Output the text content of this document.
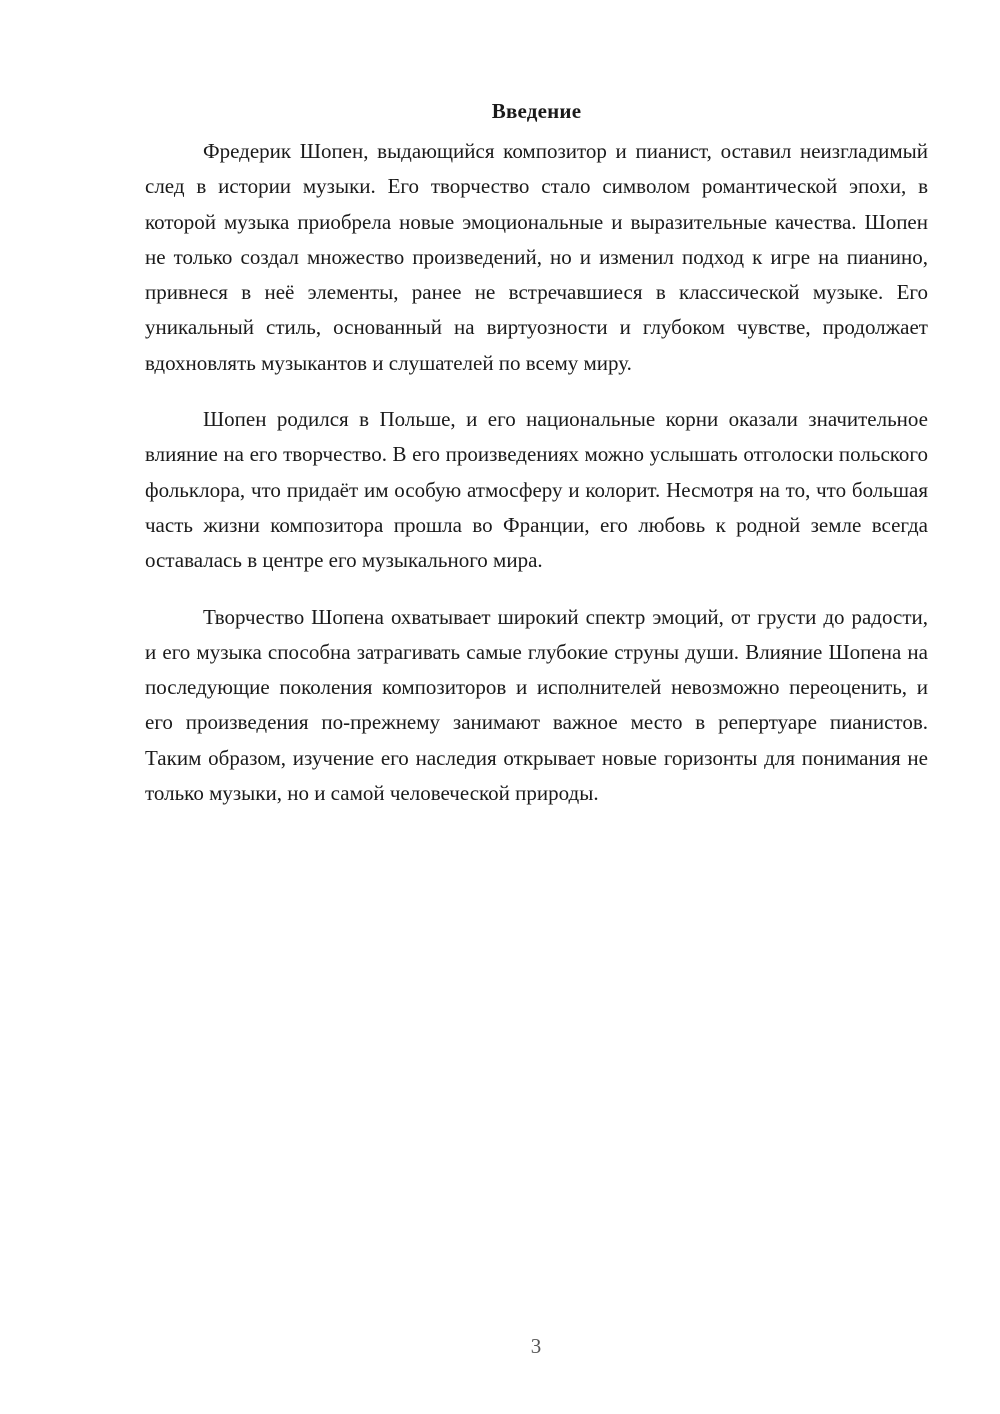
Введение

Фредерик Шопен, выдающийся композитор и пианист, оставил неизгладимый след в истории музыки. Его творчество стало символом романтической эпохи, в которой музыка приобрела новые эмоциональные и выразительные качества. Шопен не только создал множество произведений, но и изменил подход к игре на пианино, привнеся в неё элементы, ранее не встречавшиеся в классической музыке. Его уникальный стиль, основанный на виртуозности и глубоком чувстве, продолжает вдохновлять музыкантов и слушателей по всему миру.

Шопен родился в Польше, и его национальные корни оказали значительное влияние на его творчество. В его произведениях можно услышать отголоски польского фольклора, что придаёт им особую атмосферу и колорит. Несмотря на то, что большая часть жизни композитора прошла во Франции, его любовь к родной земле всегда оставалась в центре его музыкального мира.

Творчество Шопена охватывает широкий спектр эмоций, от грусти до радости, и его музыка способна затрагивать самые глубокие струны души. Влияние Шопена на последующие поколения композиторов и исполнителей невозможно переоценить, и его произведения по-прежнему занимают важное место в репертуаре пианистов. Таким образом, изучение его наследия открывает новые горизонты для понимания не только музыки, но и самой человеческой природы.

3
